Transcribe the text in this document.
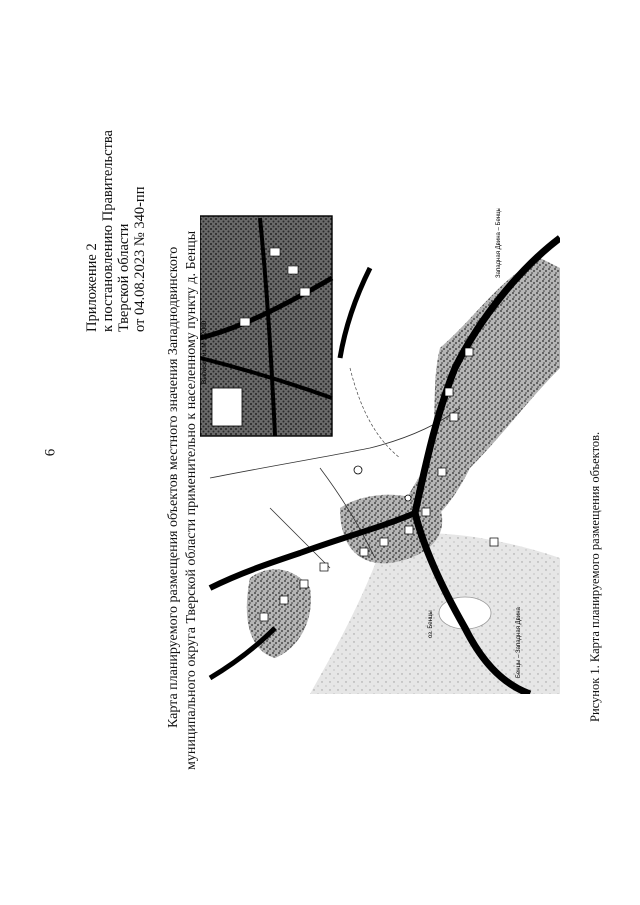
6
Приложение 2 к постановлению Правительства Тверской области от 04.08.2023 № 340-пп Карта планируемого размещения объектов местного значения Западнодвинского муниципального округа Тверской области применительно к населенному пункту д. Бенцы Выписка из М 1:2000
Западная Двина – Бенцы
Бенцы – Западная Двина
оз. Бенцы	Рисунок 1. Карта планируемого размещения объектов.
